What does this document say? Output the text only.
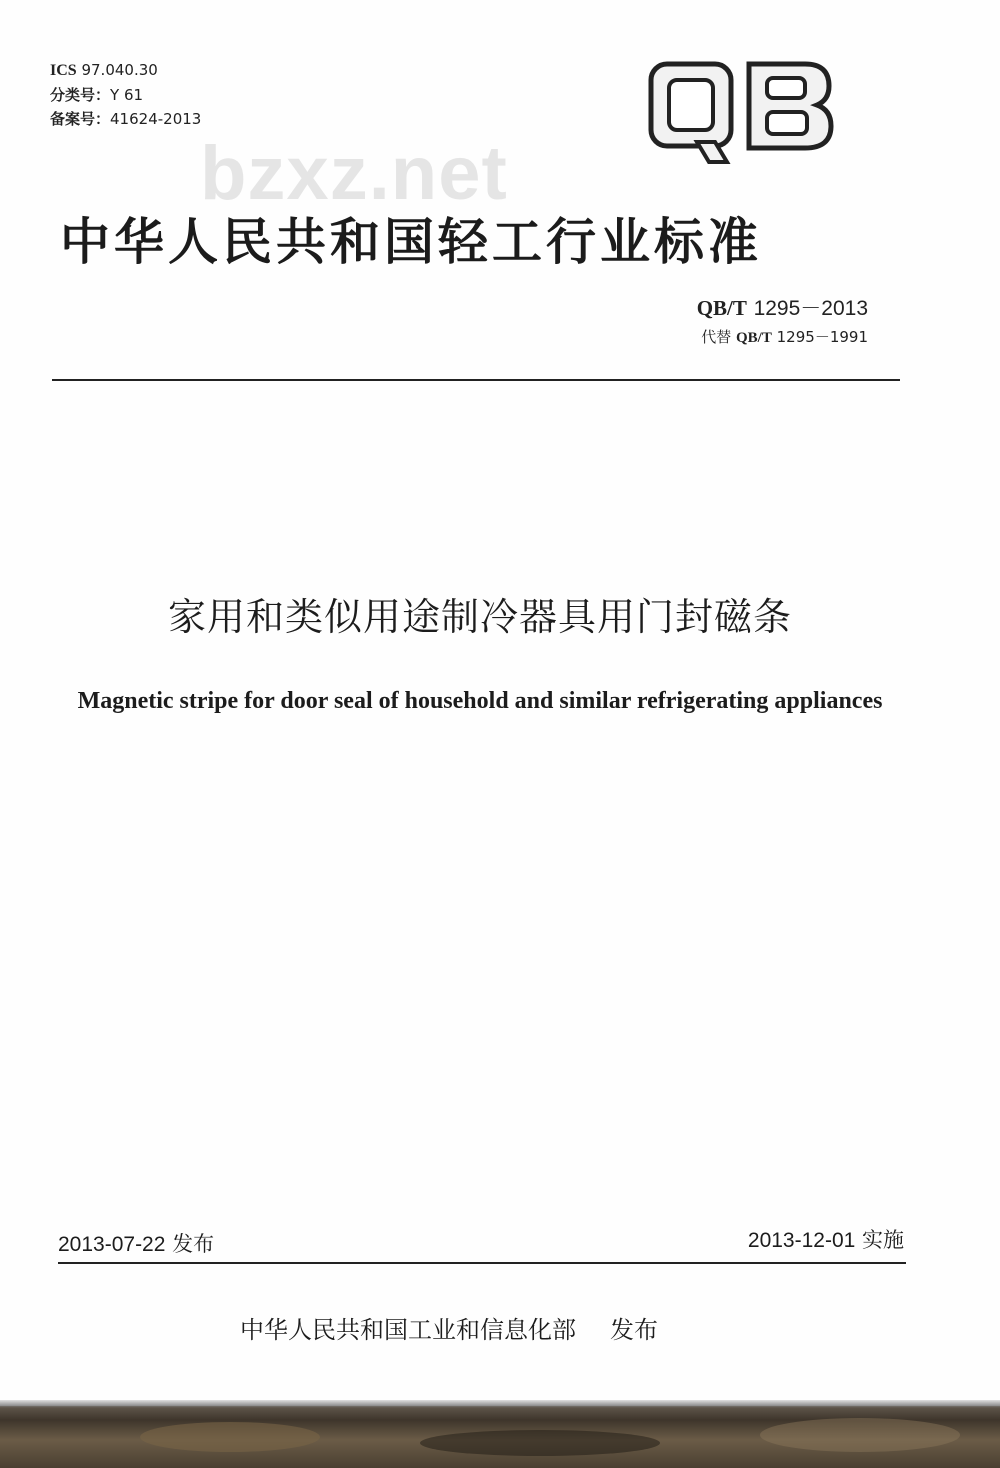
ICS 97.040.30
分类号：Y 61
备案号：41624-2013
bzxz.net
中华人民共和国轻工行业标准
QB/T 1295－2013
代替 QB/T 1295－1991
家用和类似用途制冷器具用门封磁条
Magnetic stripe for door seal of household and similar refrigerating appliances
2013-07-22 发布	2013-12-01 实施
中华人民共和国工业和信息化部 发布
